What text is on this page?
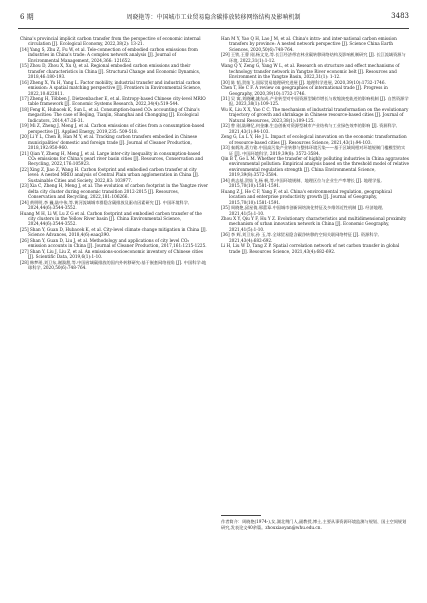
6 期	周晓艳等：中国城市工业贸易隐含碳排放转移网络结构及影响机制	3483

China's provincial implicit carbon transfer from the perspective of economic internal circulation [J]. Ecological Economy, 2022,38(2): 13-21.

[14] Yang S, Zhu Z, Fu W, et al. Tele-connection of embodied carbon emissions from industries in China's trade: A complex network analysis [J]. Journal of Environmental Management, 2024,366: 121652.

[15] Zhou D, Zhou X, Xu Q, et al. Regional embodied carbon emissions and their transfer characteristics in China [J]. Structural Change and Economic Dynamics, 2018,46:180-193.

[16] Zheng X, Yu H, Yang L. Factor mobility, industrial transfer and industrial carbon emission: A spatial matching perspective [J]. Frontiers in Environmental Science, 2022,10:822811.

[17] Zheng H, Többen J, Dietzenbacher E, et al. Entropy-based Chinese city-level MRIO table framework [J]. Economic Systems Research, 2022,34(4):519-544.

[18] Feng K, Hubacek K, Sun L, et al. Consumption-based CO₂ accounting of China's megacities: The case of Beijing, Tianjin, Shanghai and Chongqing [J]. Ecological Indicators, 2014,47:26-31.

[19] Mi Z, Zheng J, Meng J, et al. Carbon emissions of cities from a consumption-based perspective [J]. Applied Energy, 2019,235: 509-518.

[20] Li Y L, Chen B, Han M Y, et al. Tracking carbon transfers embodied in Chinese municipalities' domestic and foreign trade [J]. Journal of Cleaner Production, 2018,192:950-960.

[21] Qian Y, Zheng H, Meng J, et al. Large inter-city inequality in consumption-based CO₂ emissions for China's pearl river basin cities [J]. Resources, Conservation and Recycling, 2022,176:105923.

[22] Xing Z, Jiao Z, Wang H. Carbon footprint and embodied carbon transfer at city level: A nested MRIO analysis of Central Plain urban agglomeration in China [J]. Sustainable Cities and Society, 2022,83: 103977.

[23] Xia C, Zheng H, Meng J, et al. The evolution of carbon footprint in the Yangtze river delta city cluster during economic transition 2012-2015 [J]. Resources, Conservation and Recycling, 2022,181:106266.

[24] 黄明明,李 巍,陆中伟,等.黄河流域城市群隐含碳排放及驱动因素研究 [J]. 中国环境科学, 2024,44(6):3544-3552.

Huang M H, Li W, Lu Z G et al. Carbon footprint and embodied carbon transfer of the city clusters in the Yellow River basin [J]. China Environmental Science, 2024,44(6):3544-3552.

[25] Shan Y, Guan D, Hubacek K, et al. City-level climate change mitigation in China [J]. Science Advances, 2018,4(6):eaaq390.

[26] Shan Y, Guan D, Liu J, et al. Methodology and applications of city level CO₂ emission accounts in China [J]. Journal of Cleaner Production, 2017,161:1215-1225.

[27] Shan Y, Liu J, Liu Z, et al. An emissions-socioeconomic inventory of Chinese cities [J]. Scientific Data, 2019,6(1):1-10.

[28] 韩梦瑶,刘卫东,谢漪甜,等.中国省域碳排放的国内外转移研究:基于嵌套网络视角 [J]. 中国科学:地球科学, 2020,50(6):748-764.

Han M Y, Yao Q H, Lao J M, et al. China's intra- and inter-national carbon emission transfers by province: A nested network perspective [J]. Science China Earth Sciences, 2020,50(6):748-764.

[29] 王铁,王曹 刚,杨文龙,等.长江经济带农林业碳转移网络结构及影响机制研究 [J]. 长江流域资源与环境, 2022,31(1):1-12.

Wang Q Y, Zeng G, Yang W L, et al. Research on structure and effect mechanisms of technology transfer network in Yangtze River economic belt [J]. Resources and Environment in the Yangtze Basin, 2022,31(1): 1-12.

[30] 陈 韬,贺灿飞.国际贸易地理研究进展 [J]. 地理科学进展, 2020,39(10):1732-1746.

Chen T, He C F. A review on geographies of international trade [J]. Progress in Geography, 2020,39(10):1732-1746.

[31] 吴 寓,刘晓曦,姚东成.产业转型对中国资源型城市增长与收缩演变轨迹的影响机制 [J]. 自然资源学报, 2023,38(1):109-125.

Wu K, Liu X X, Yao C C. The mechanism of industrial transformation on the evolutionary trajectory of growth and shrinkage in Chinese resource-based cities [J]. Journal of Natural Resources, 2023,38(1):109-125.

[32] 曾 刚,陆琳忆,何金廉.生态创新对资源型城市产业结构与工业绿色效率的影响 [J]. 资源科学, 2021,43(1):94-103.

Zeng G, Lu L Y, He J L. Impact of ecological innovation on the economic transformation of resource-based cities [J]. Resources Science, 2021,43(1):94-103.

[33] 秦炳涛,葛力铭.中国高污染产业转移与整体环境污染——基于区域间相对环境规制门槛模型的实证 [J]. 中国环境科学, 2019,39(8): 3572-3584.

Qin B T, Ge L M. Whether the transfer of highly polluting industries in China aggravates environmental pollution: Empirical analysis based on the threshold model of relative environmental regulation strength [J]. China Environmental Science, 2019,39(8):3572-3584.

[34] 黄志基,贺灿飞,杨 帆,等.中国环境规制、地理区位与企业生产率增长 [J]. 地理学报, 2015,70(10):1581-1591.

Huang Z J, He C F, Yang F, et al. China's environmental regulation, geographical location and enterprise productivity growth [J]. Journal of Geography, 2015,70(10):1581-1591.

[35] 周晓艳,邱星倩,邢蕾章.中国城市创新网络演化特征及多维邻近性机制 [J]. 经济地理, 2021,41(5):1-10.

Zhou X Y, Qiu Y F, Hu Y Z. Evolutionary characteristics and multidimensional proximity mechanism of urban innovation network in China [J]. Economic Geography, 2021,41(5):1-10.

[36] 李 辉,刘卫东,孙 玉,等.全球贸易隐含碳净转移的空间关联网络特征 [J]. 资源科学, 2021,43(4):682-692.

Li H, Liu W D, Tang Z P. Spatial correlation network of net carbon transfer in global trade [J]. Resources Science, 2021,43(4):682-692.

作者简介：周晓艳(1974-),女,湖北荆门人,副教授,博士,主要从事资源环境监测与规划、国土空间规划研究,发表论文40余篇。zhouxiaoyan@whu.edu.cn.
